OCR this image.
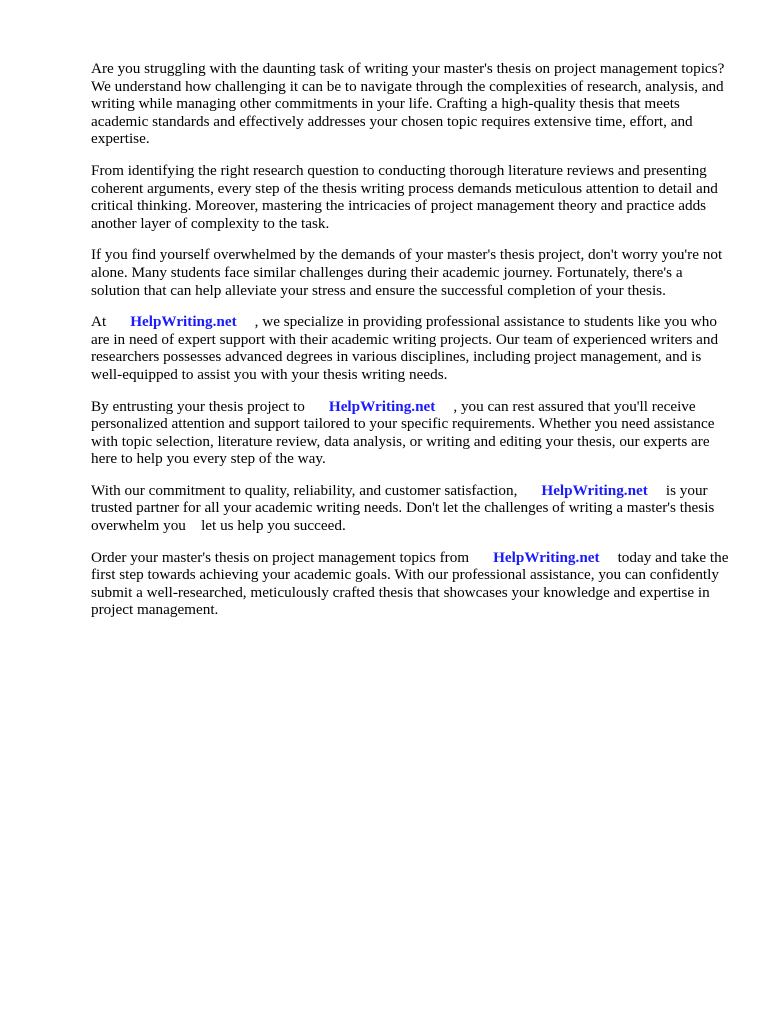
Are you struggling with the daunting task of writing your master's thesis on project management topics? We understand how challenging it can be to navigate through the complexities of research, analysis, and writing while managing other commitments in your life. Crafting a high-quality thesis that meets academic standards and effectively addresses your chosen topic requires extensive time, effort, and expertise.

From identifying the right research question to conducting thorough literature reviews and presenting coherent arguments, every step of the thesis writing process demands meticulous attention to detail and critical thinking. Moreover, mastering the intricacies of project management theory and practice adds another layer of complexity to the task.

If you find yourself overwhelmed by the demands of your master's thesis project, don't worry you're not alone. Many students face similar challenges during their academic journey. Fortunately, there's a solution that can help alleviate your stress and ensure the successful completion of your thesis.

At HelpWriting.net , we specialize in providing professional assistance to students like you who are in need of expert support with their academic writing projects. Our team of experienced writers and researchers possesses advanced degrees in various disciplines, including project management, and is well-equipped to assist you with your thesis writing needs.

By entrusting your thesis project to HelpWriting.net , you can rest assured that you'll receive personalized attention and support tailored to your specific requirements. Whether you need assistance with topic selection, literature review, data analysis, or writing and editing your thesis, our experts are here to help you every step of the way.

With our commitment to quality, reliability, and customer satisfaction, HelpWriting.net is your trusted partner for all your academic writing needs. Don't let the challenges of writing a master's thesis overwhelm you    let us help you succeed.

Order your master's thesis on project management topics from HelpWriting.net today and take the first step towards achieving your academic goals. With our professional assistance, you can confidently submit a well-researched, meticulously crafted thesis that showcases your knowledge and expertise in project management.
